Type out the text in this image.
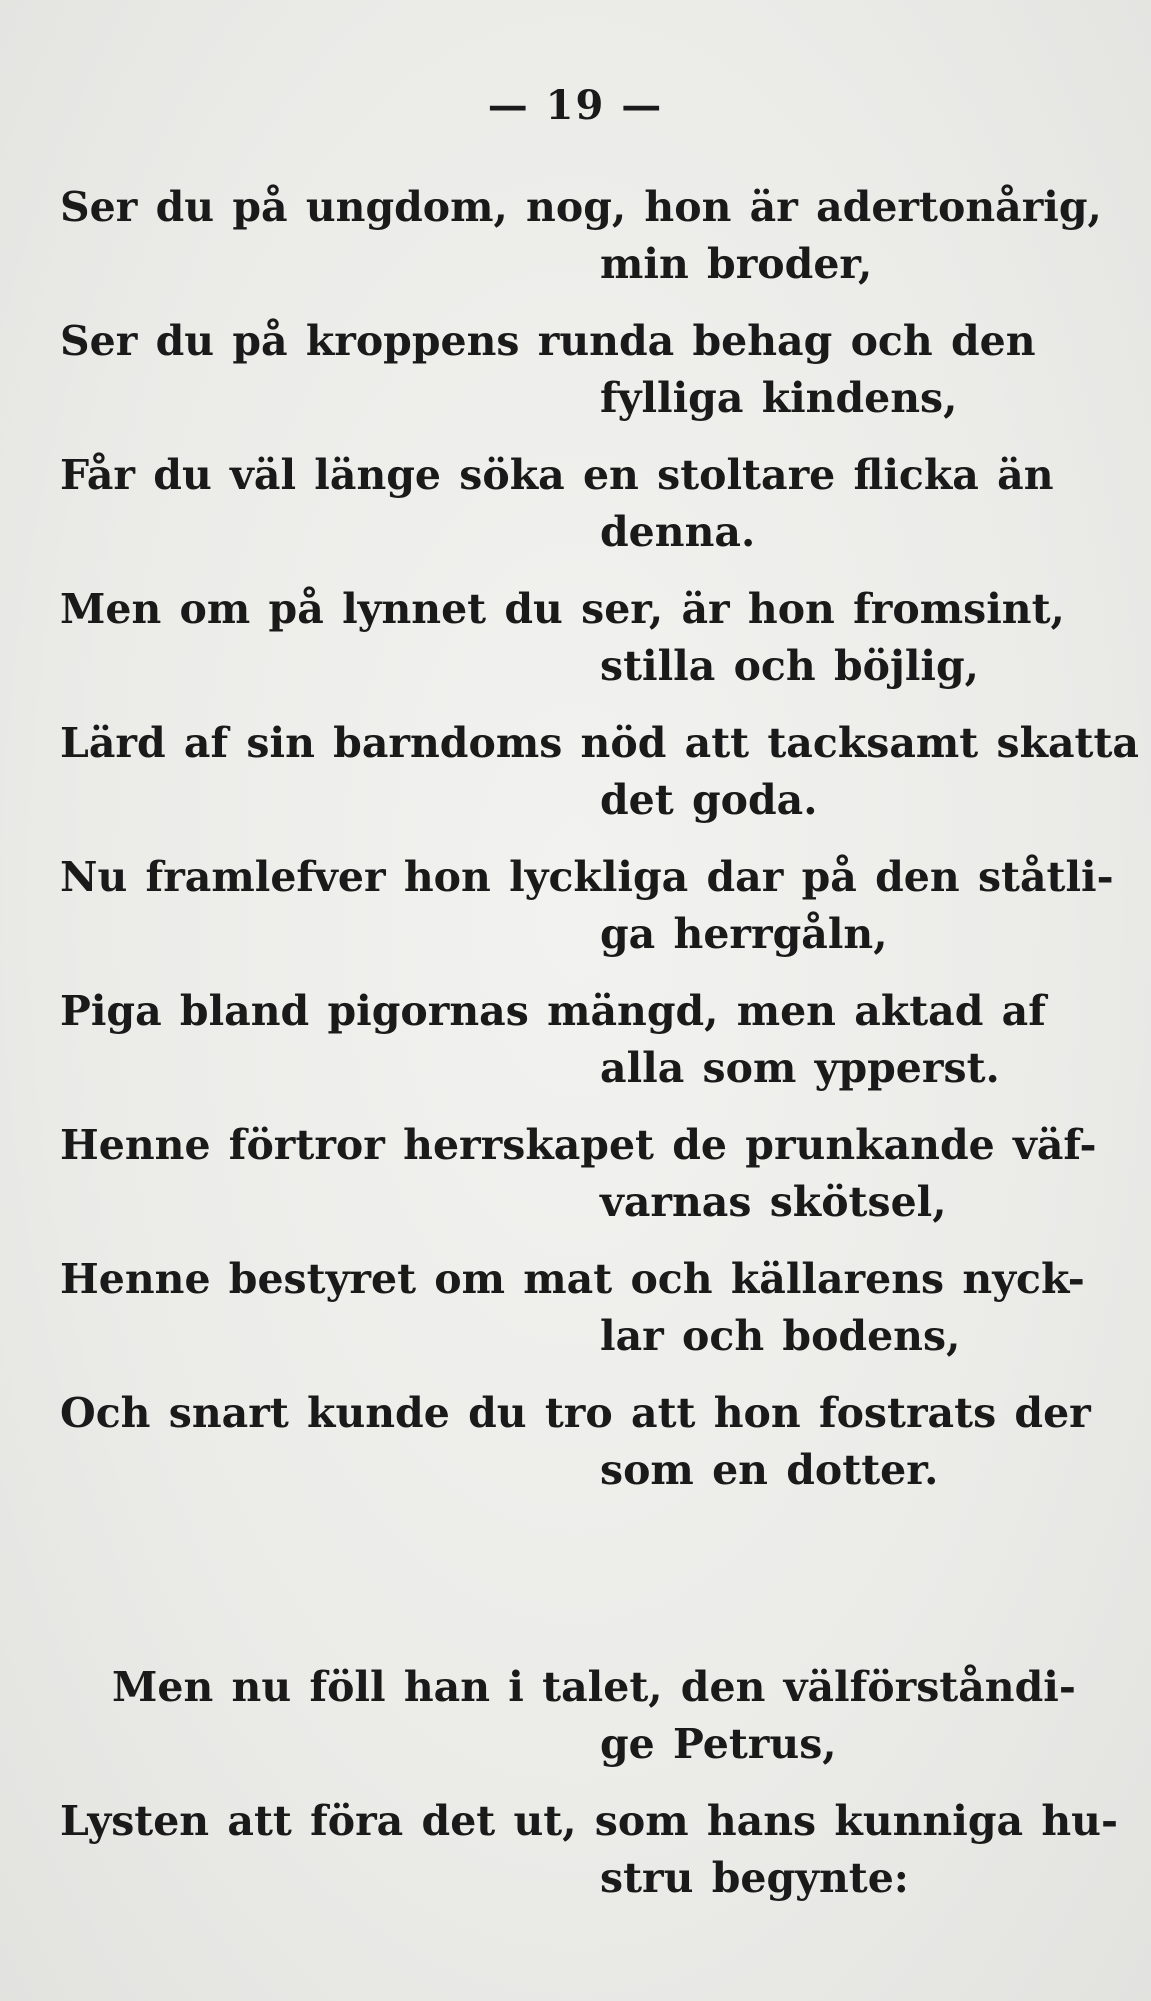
— 19 —
Ser du på ungdom, nog, hon är adertonårig,
min broder,
Ser du på kroppens runda behag och den
fylliga kindens,
Får du väl länge söka en stoltare flicka än
denna.
Men om på lynnet du ser, är hon fromsint,
stilla och böjlig,
Lärd af sin barndoms nöd att tacksamt skatta
det goda.
Nu framlefver hon lyckliga dar på den ståtli-
ga herrgåln,
Piga bland pigornas mängd, men aktad af
alla som ypperst.
Henne förtror herrskapet de prunkande väf-
varnas skötsel,
Henne bestyret om mat och källarens nyck-
lar och bodens,
Och snart kunde du tro att hon fostrats der
som en dotter.
Men nu föll han i talet, den välförståndi-
ge Petrus,
Lysten att föra det ut, som hans kunniga hu-
stru begynte:
